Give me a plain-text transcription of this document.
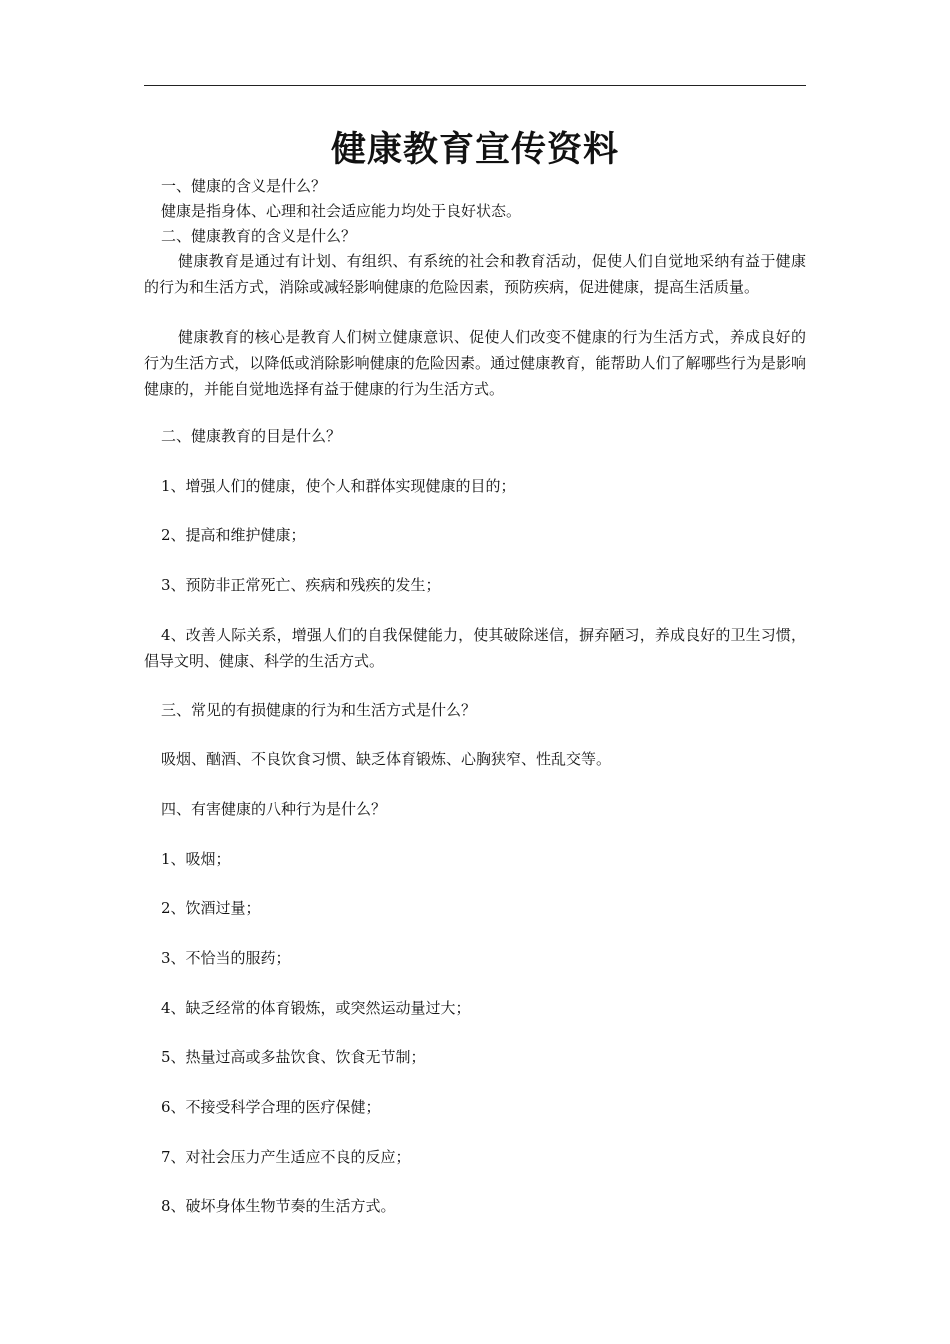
健康教育宣传资料

一、健康的含义是什么？

健康是指身体、心理和社会适应能力均处于良好状态。

二、健康教育的含义是什么？

健康教育是通过有计划、有组织、有系统的社会和教育活动，促使人们自觉地采纳有益于健康的行为和生活方式，消除或减轻影响健康的危险因素，预防疾病，促进健康，提高生活质量。

健康教育的核心是教育人们树立健康意识、促使人们改变不健康的行为生活方式，养成良好的行为生活方式，以降低或消除影响健康的危险因素。通过健康教育，能帮助人们了解哪些行为是影响健康的，并能自觉地选择有益于健康的行为生活方式。

二、健康教育的目是什么？

1、增强人们的健康，使个人和群体实现健康的目的；

2、提高和维护健康；

3、预防非正常死亡、疾病和残疾的发生；

4、改善人际关系，增强人们的自我保健能力，使其破除迷信，摒弃陋习，养成良好的卫生习惯，倡导文明、健康、科学的生活方式。

三、常见的有损健康的行为和生活方式是什么？

吸烟、酗酒、不良饮食习惯、缺乏体育锻炼、心胸狭窄、性乱交等。

四、有害健康的八种行为是什么？

1、吸烟；

2、饮酒过量；

3、不恰当的服药；

4、缺乏经常的体育锻炼，或突然运动量过大；

5、热量过高或多盐饮食、饮食无节制；

6、不接受科学合理的医疗保健；

7、对社会压力产生适应不良的反应；

8、破坏身体生物节奏的生活方式。
